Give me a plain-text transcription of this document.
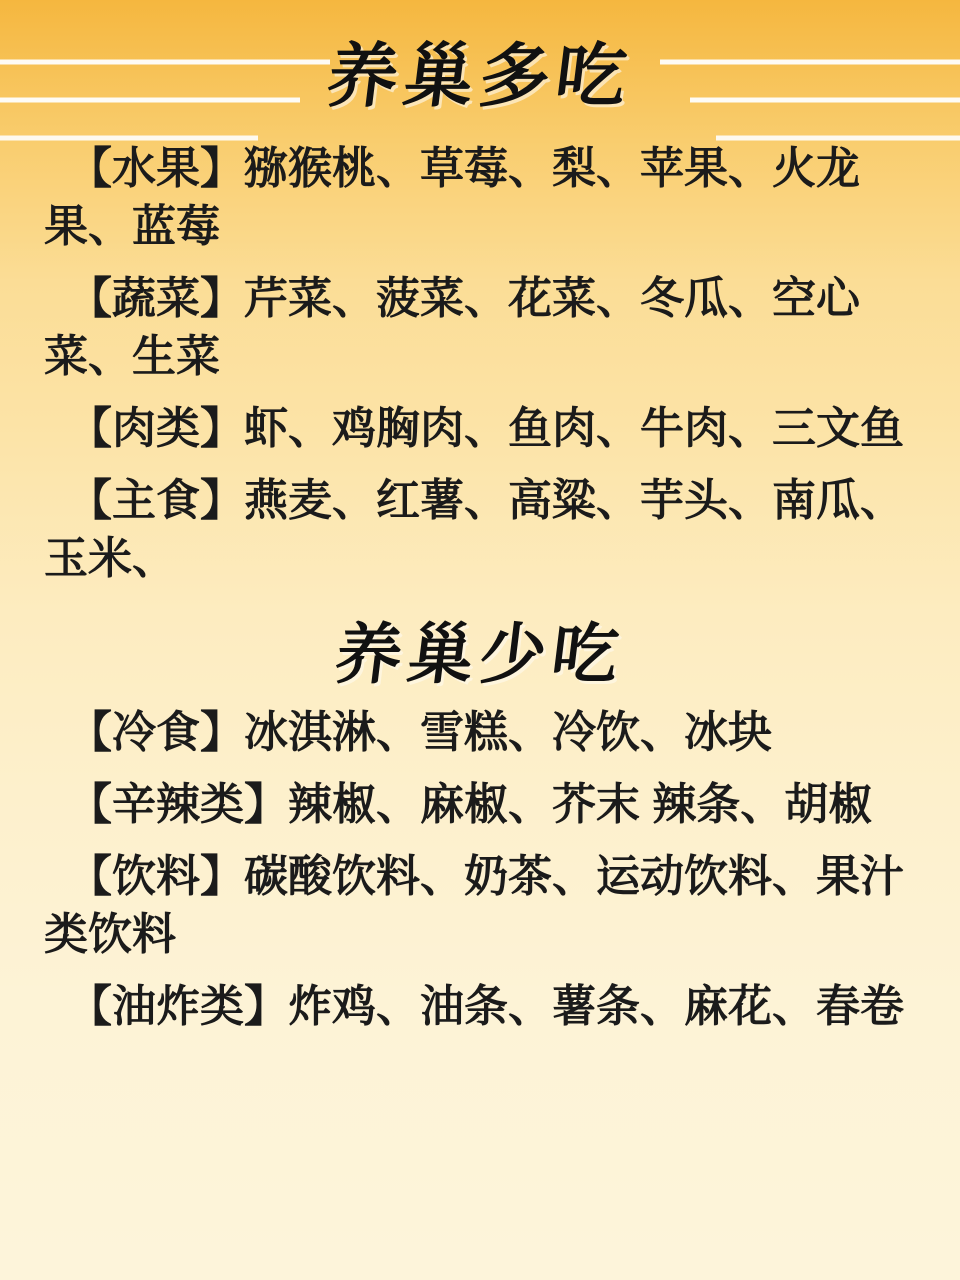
养巢多吃

【水果】猕猴桃、草莓、梨、苹果、火龙果、蓝莓

【蔬菜】芹菜、菠菜、花菜、冬瓜、空心菜、生菜

【肉类】虾、鸡胸肉、鱼肉、牛肉、三文鱼

【主食】燕麦、红薯、高粱、芋头、南瓜、玉米、

养巢少吃

【冷食】冰淇淋、雪糕、冷饮、冰块

【辛辣类】辣椒、麻椒、芥末 辣条、胡椒

【饮料】碳酸饮料、奶茶、运动饮料、果汁类饮料

【油炸类】炸鸡、油条、薯条、麻花、春卷
